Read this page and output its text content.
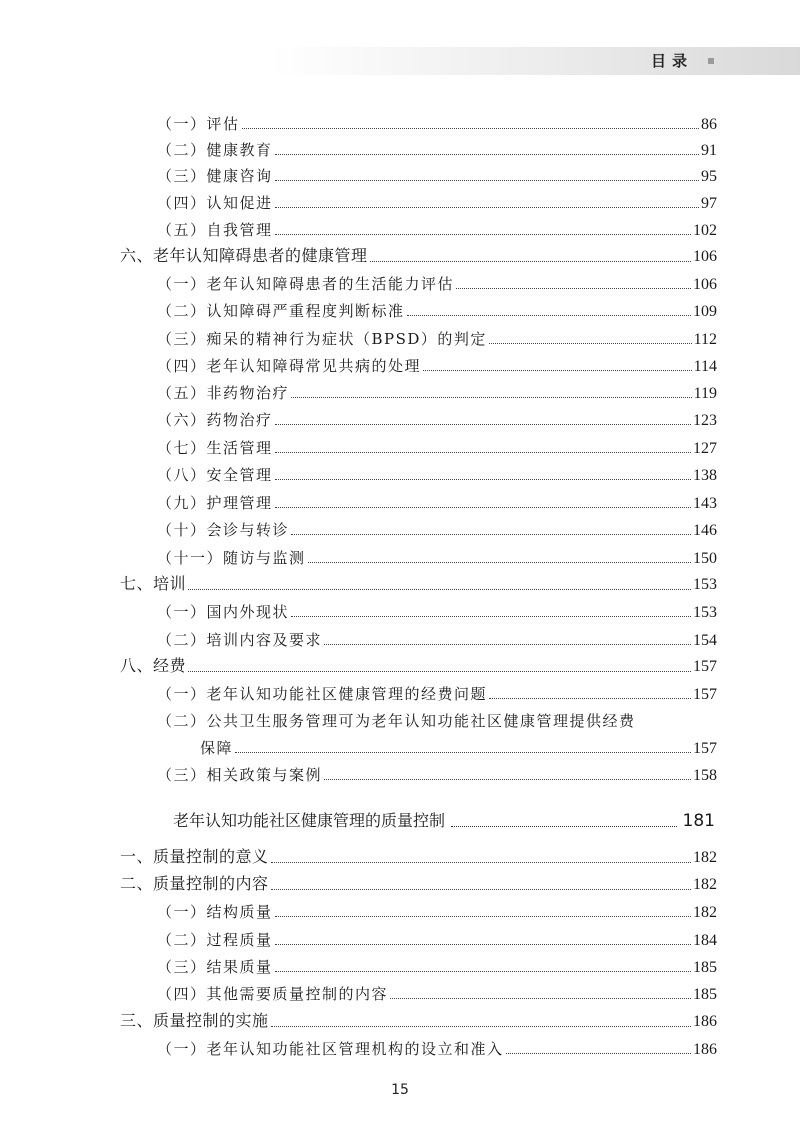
目录
（一）评估	86
（二）健康教育	91
（三）健康咨询	95
（四）认知促进	97
（五）自我管理	102
六、老年认知障碍患者的健康管理	106
（一）老年认知障碍患者的生活能力评估	106
（二）认知障碍严重程度判断标准	109
（三）痴呆的精神行为症状（BPSD）的判定	112
（四）老年认知障碍常见共病的处理	114
（五）非药物治疗	119
（六）药物治疗	123
（七）生活管理	127
（八）安全管理	138
（九）护理管理	143
（十）会诊与转诊	146
（十一）随访与监测	150
七、培训	153
（一）国内外现状	153
（二）培训内容及要求	154
八、经费	157
（一）老年认知功能社区健康管理的经费问题	157
（二）公共卫生服务管理可为老年认知功能社区健康管理提供经费
保障	157
（三）相关政策与案例	158
老年认知功能社区健康管理的质量控制	181
一、质量控制的意义	182
二、质量控制的内容	182
（一）结构质量	182
（二）过程质量	184
（三）结果质量	185
（四）其他需要质量控制的内容	185
三、质量控制的实施	186
（一）老年认知功能社区管理机构的设立和准入	186
15
